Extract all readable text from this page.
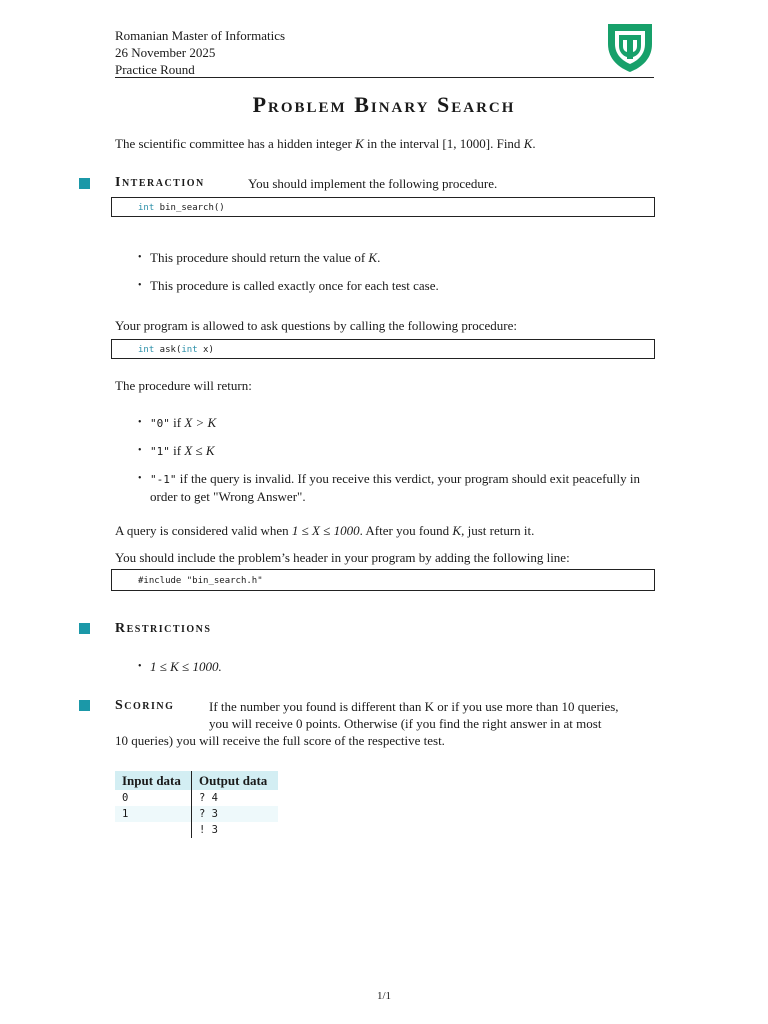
Romanian Master of Informatics
26 November 2025
Practice Round
Problem Binary Search
The scientific committee has a hidden integer K in the interval [1, 1000]. Find K.
Interaction	You should implement the following procedure.
int bin_search()
• This procedure should return the value of K.
• This procedure is called exactly once for each test case.
Your program is allowed to ask questions by calling the following procedure:
int ask(int x)
The procedure will return:
• "0" if X > K
• "1" if X ≤ K
• "-1" if the query is invalid. If you receive this verdict, your program should exit peacefully in order to get "Wrong Answer".
A query is considered valid when 1 ≤ X ≤ 1000. After you found K, just return it.
You should include the problem’s header in your program by adding the following line:
#include "bin_search.h"
Restrictions
• 1 ≤ K ≤ 1000.
Scoring	If the number you found is different than K or if you use more than 10 queries,
you will receive 0 points. Otherwise (if you find the right answer in at most
10 queries) you will receive the full score of the respective test.
Input data	Output data
0	? 4
1	? 3
	! 3
1/1
